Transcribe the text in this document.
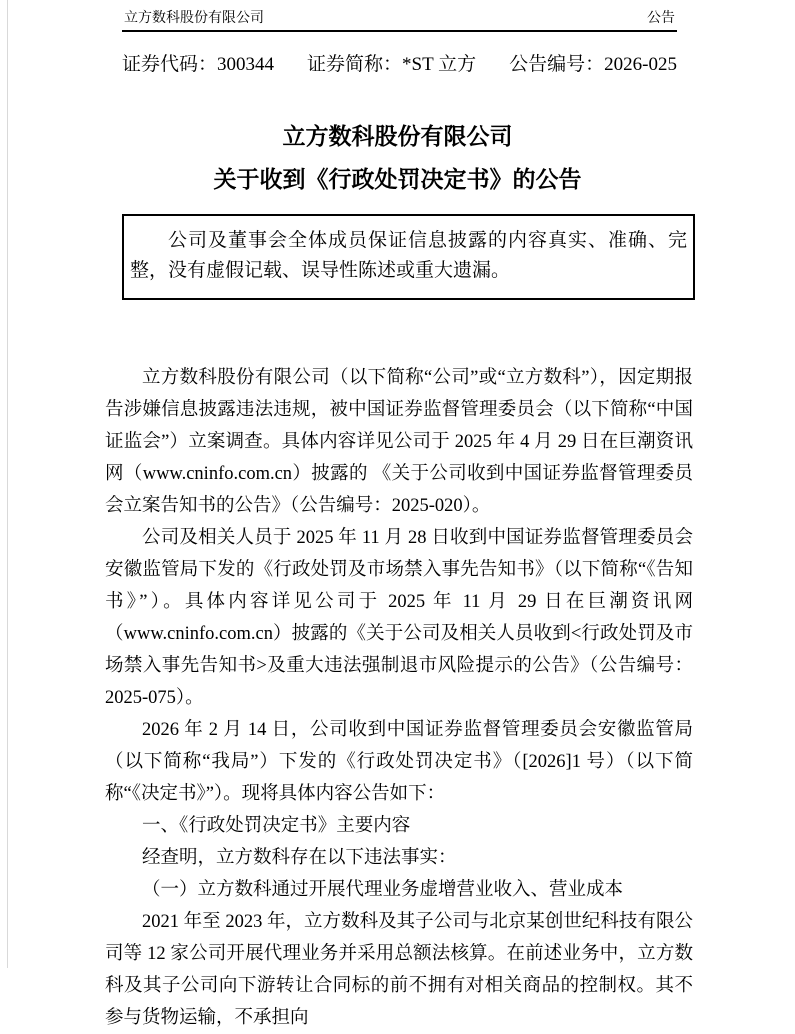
立方数科股份有限公司	公告
证券代码：300344 证券简称：*ST 立方 公告编号：2026-025
立方数科股份有限公司
关于收到《行政处罚决定书》的公告

公司及董事会全体成员保证信息披露的内容真实、准确、完整，没有虚假记载、误导性陈述或重大遗漏。

立方数科股份有限公司（以下简称“公司”或“立方数科”），因定期报告涉嫌信息披露违法违规，被中国证券监督管理委员会（以下简称“中国证监会”）立案调查。具体内容详见公司于 2025 年 4 月 29 日在巨潮资讯网（www.cninfo.com.cn）披露的 《关于公司收到中国证券监督管理委员会立案告知书的公告》（公告编号：2025-020）。

公司及相关人员于 2025 年 11 月 28 日收到中国证券监督管理委员会安徽监管局下发的《行政处罚及市场禁入事先告知书》（以下简称“《告知书》”）。具体内容详见公司于 2025 年 11 月 29 日在巨潮资讯网（www.cninfo.com.cn）披露的《关于公司及相关人员收到<行政处罚及市场禁入事先告知书>及重大违法强制退市风险提示的公告》（公告编号：2025-075）。

2026 年 2 月 14 日，公司收到中国证券监督管理委员会安徽监管局（以下简称“我局”）下发的《行政处罚决定书》（[2026]1 号）（以下简称“《决定书》”）。现将具体内容公告如下：

一、《行政处罚决定书》主要内容

经查明，立方数科存在以下违法事实：

（一）立方数科通过开展代理业务虚增营业收入、营业成本

2021 年至 2023 年，立方数科及其子公司与北京某创世纪科技有限公司等 12 家公司开展代理业务并采用总额法核算。在前述业务中，立方数科及其子公司向下游转让合同标的前不拥有对相关商品的控制权。其不参与货物运输，不承担向
